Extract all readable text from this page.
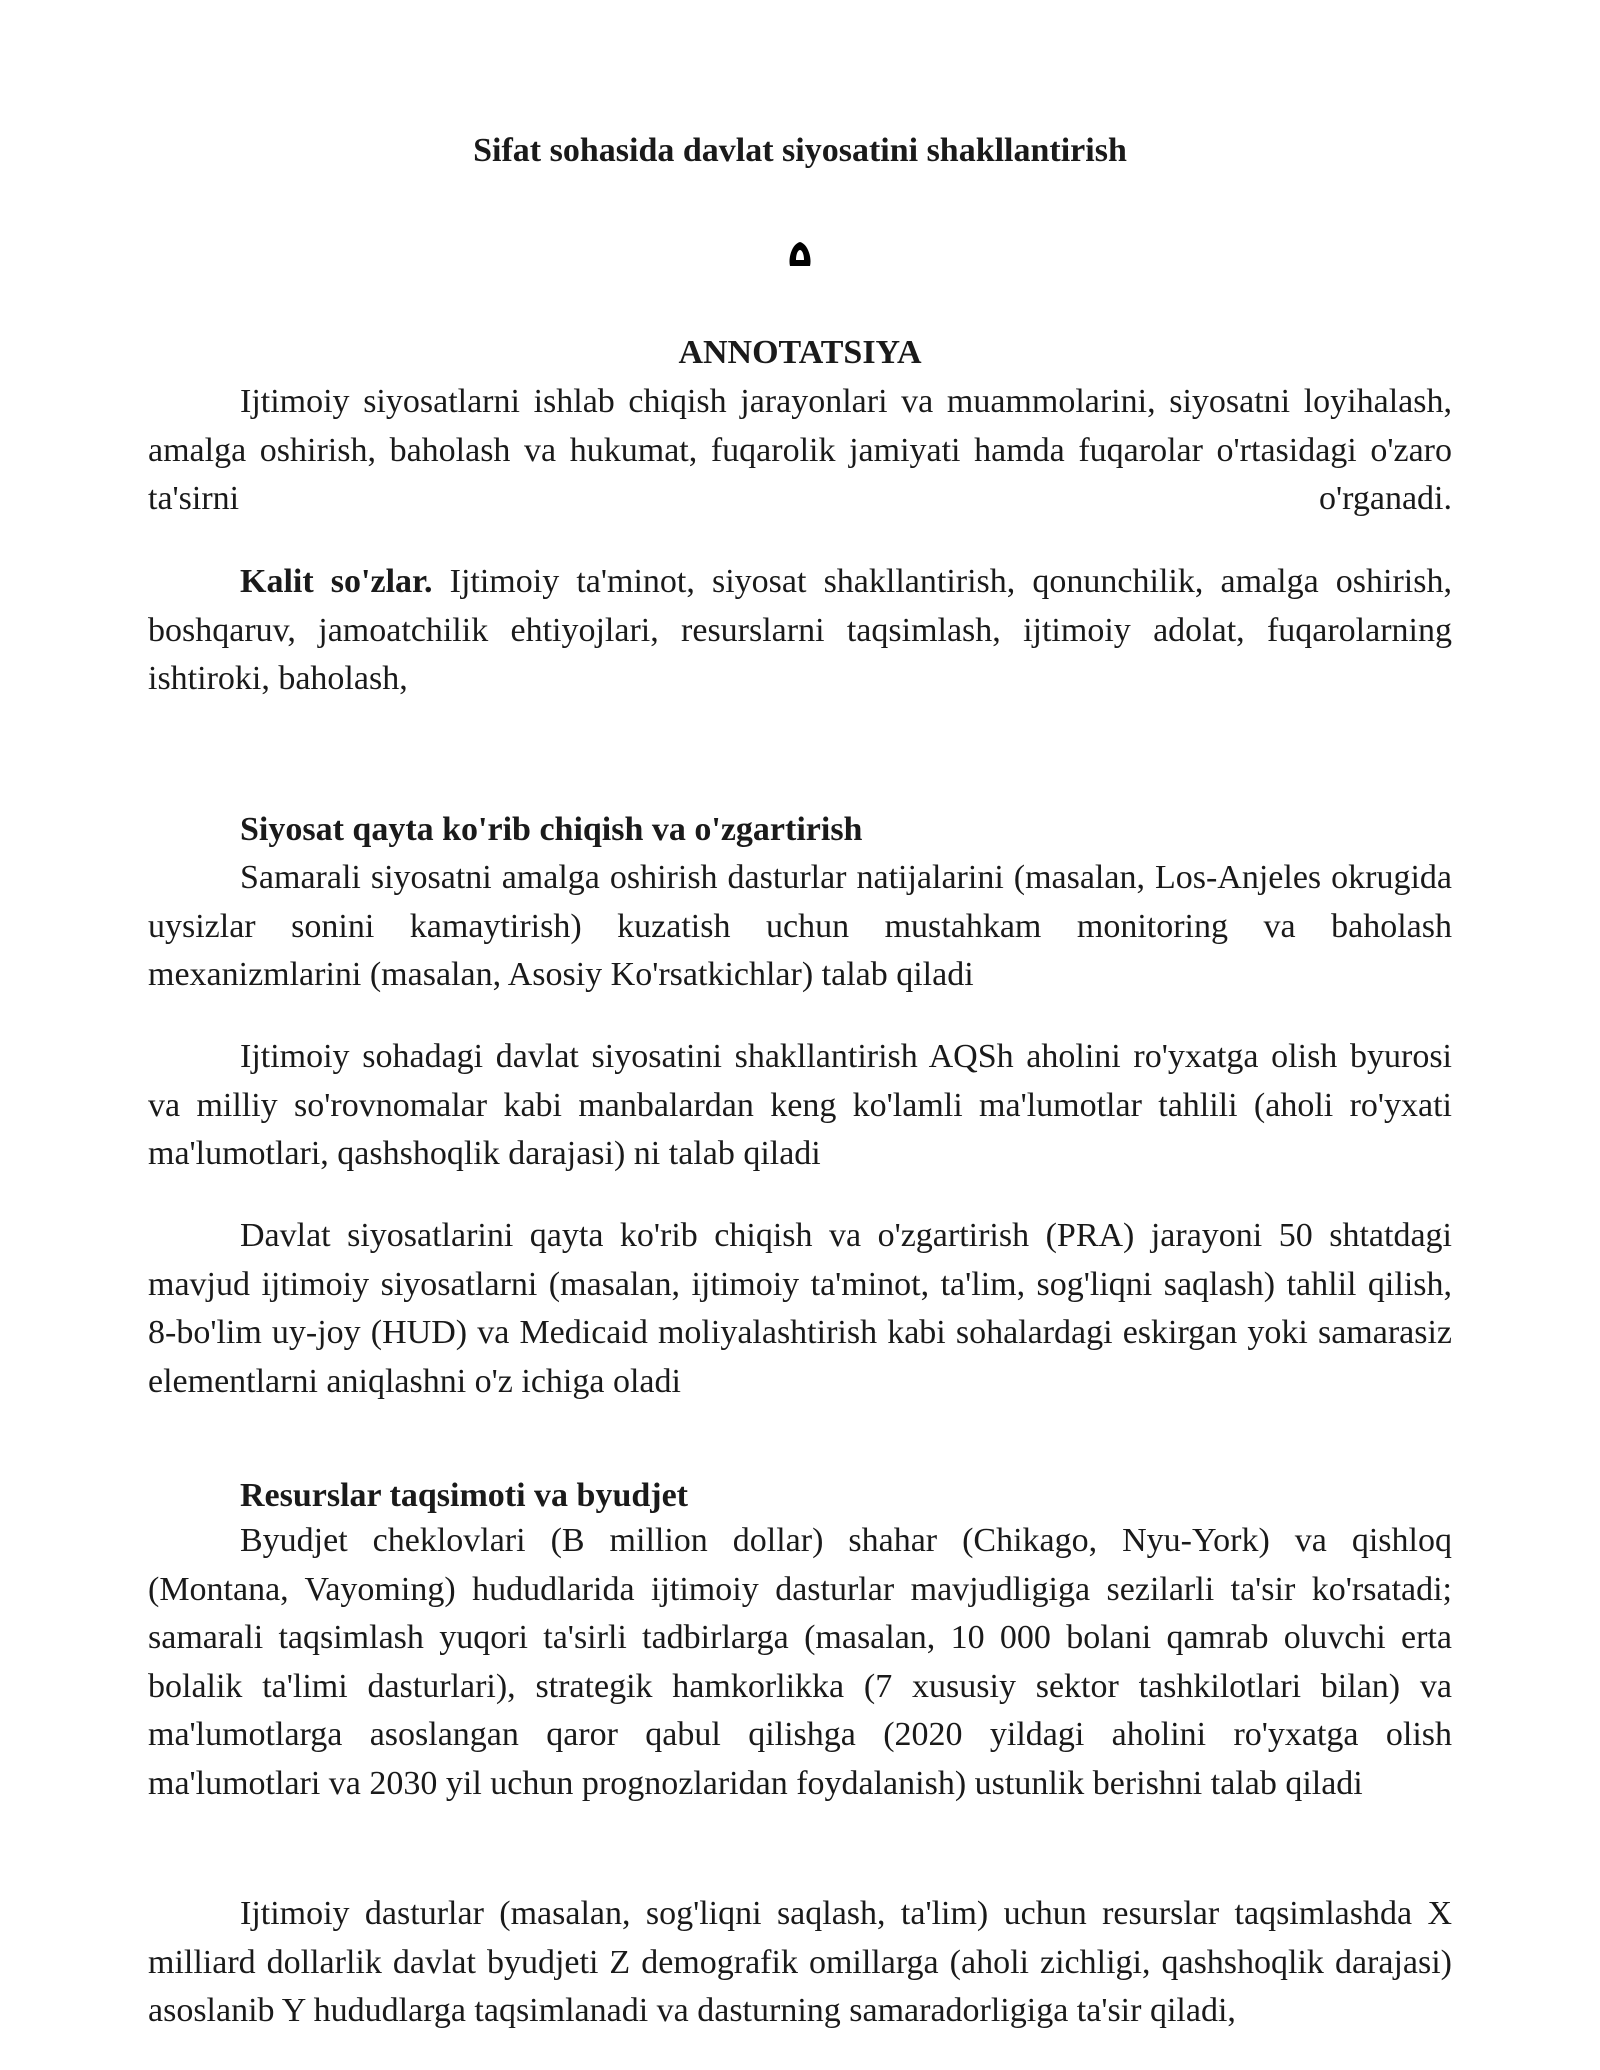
Sifat sohasida davlat siyosatini shakllantirish
ANNOTATSIYA

Ijtimoiy siyosatlarni ishlab chiqish jarayonlari va muammolarini, siyosatni loyihalash, amalga oshirish, baholash va hukumat, fuqarolik jamiyati hamda fuqarolar o'rtasidagi o'zaro ta'sirni o'rganadi.

Kalit so'zlar. Ijtimoiy ta'minot, siyosat shakllantirish, qonunchilik, amalga oshirish, boshqaruv, jamoatchilik ehtiyojlari, resurslarni taqsimlash, ijtimoiy adolat, fuqarolarning ishtiroki, baholash,

Siyosat qayta ko'rib chiqish va o'zgartirish

Samarali siyosatni amalga oshirish dasturlar natijalarini (masalan, Los-Anjeles okrugida uysizlar sonini kamaytirish) kuzatish uchun mustahkam monitoring va baholash mexanizmlarini (masalan, Asosiy Ko'rsatkichlar) talab qiladi

Ijtimoiy sohadagi davlat siyosatini shakllantirish AQSh aholini ro'yxatga olish byurosi va milliy so'rovnomalar kabi manbalardan keng ko'lamli ma'lumotlar tahlili (aholi ro'yxati ma'lumotlari, qashshoqlik darajasi) ni talab qiladi

Davlat siyosatlarini qayta ko'rib chiqish va o'zgartirish (PRA) jarayoni 50 shtatdagi mavjud ijtimoiy siyosatlarni (masalan, ijtimoiy ta'minot, ta'lim, sog'liqni saqlash) tahlil qilish, 8-bo'lim uy-joy (HUD) va Medicaid moliyalashtirish kabi sohalardagi eskirgan yoki samarasiz elementlarni aniqlashni o'z ichiga oladi

Resurslar taqsimoti va byudjet

Byudjet cheklovlari (B million dollar) shahar (Chikago, Nyu-York) va qishloq (Montana, Vayoming) hududlarida ijtimoiy dasturlar mavjudligiga sezilarli ta'sir ko'rsatadi; samarali taqsimlash yuqori ta'sirli tadbirlarga (masalan, 10 000 bolani qamrab oluvchi erta bolalik ta'limi dasturlari), strategik hamkorlikka (7 xususiy sektor tashkilotlari bilan) va ma'lumotlarga asoslangan qaror qabul qilishga (2020 yildagi aholini ro'yxatga olish ma'lumotlari va 2030 yil uchun prognozlaridan foydalanish) ustunlik berishni talab qiladi

Ijtimoiy dasturlar (masalan, sog'liqni saqlash, ta'lim) uchun resurslar taqsimlashda X milliard dollarlik davlat byudjeti Z demografik omillarga (aholi zichligi, qashshoqlik darajasi) asoslanib Y hududlarga taqsimlanadi va dasturning samaradorligiga ta'sir qiladi,
